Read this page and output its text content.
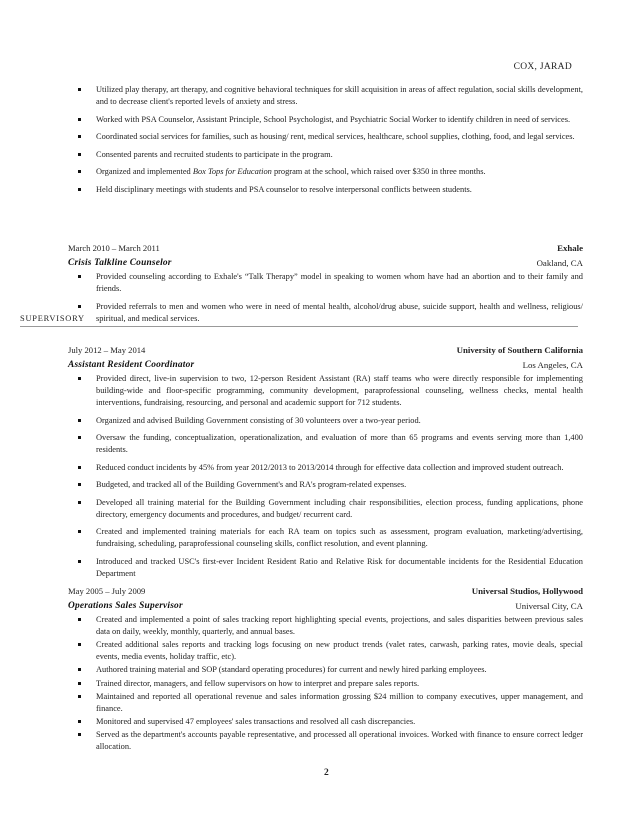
COX, JARAD
Utilized play therapy, art therapy, and cognitive behavioral techniques for skill acquisition in areas of affect regulation, social skills development, and to decrease client's reported levels of anxiety and stress.
Worked with PSA Counselor, Assistant Principle, School Psychologist, and Psychiatric Social Worker to identify children in need of services.
Coordinated social services for families, such as housing/ rent, medical services, healthcare, school supplies, clothing, food, and legal services.
Consented parents and recruited students to participate in the program.
Organized and implemented Box Tops for Education program at the school, which raised over $350 in three months.
Held disciplinary meetings with students and PSA counselor to resolve interpersonal conflicts between students.
March 2010 – March 2011	Exhale
Crisis Talkline Counselor	Oakland, CA
Provided counseling according to Exhale's “Talk Therapy” model in speaking to women whom have had an abortion and to their family and friends.
Provided referrals to men and women who were in need of mental health, alcohol/drug abuse, suicide support, health and wellness, religious/ spiritual, and medical services.
SUPERVISORY
July 2012 – May 2014	University of Southern California
Assistant Resident Coordinator	Los Angeles, CA
Provided direct, live-in supervision to two, 12-person Resident Assistant (RA) staff teams who were directly responsible for implementing building-wide and floor-specific programming, community development, paraprofessional counseling, wellness checks, mental health interventions, fundraising, resourcing, and personal and academic support for 712 students.
Organized and advised Building Government consisting of 30 volunteers over a two-year period.
Oversaw the funding, conceptualization, operationalization, and evaluation of more than 65 programs and events serving more than 1,400 residents.
Reduced conduct incidents by 45% from year 2012/2013 to 2013/2014 through for effective data collection and improved student outreach.
Budgeted, and tracked all of the Building Government's and RA's program-related expenses.
Developed all training material for the Building Government including chair responsibilities, election process, funding applications, phone directory, emergency documents and procedures, and budget/ recurrent card.
Created and implemented training materials for each RA team on topics such as assessment, program evaluation, marketing/advertising, fundraising, scheduling, paraprofessional counseling skills, conflict resolution, and event planning.
Introduced and tracked USC's first-ever Incident Resident Ratio and Relative Risk for documentable incidents for the Residential Education Department
May 2005 – July 2009	Universal Studios, Hollywood
Operations Sales Supervisor	Universal City, CA
Created and implemented a point of sales tracking report highlighting special events, projections, and sales disparities between previous sales data on daily, weekly, monthly, quarterly, and annual bases.
Created additional sales reports and tracking logs focusing on new product trends (valet rates, carwash, parking rates, movie deals, special events, media events, holiday traffic, etc).
Authored training material and SOP (standard operating procedures) for current and newly hired parking employees.
Trained director, managers, and fellow supervisors on how to interpret and prepare sales reports.
Maintained and reported all operational revenue and sales information grossing $24 million to company executives, upper management, and finance.
Monitored and supervised 47 employees' sales transactions and resolved all cash discrepancies.
Served as the department's accounts payable representative, and processed all operational invoices. Worked with finance to ensure correct ledger allocation.
2
